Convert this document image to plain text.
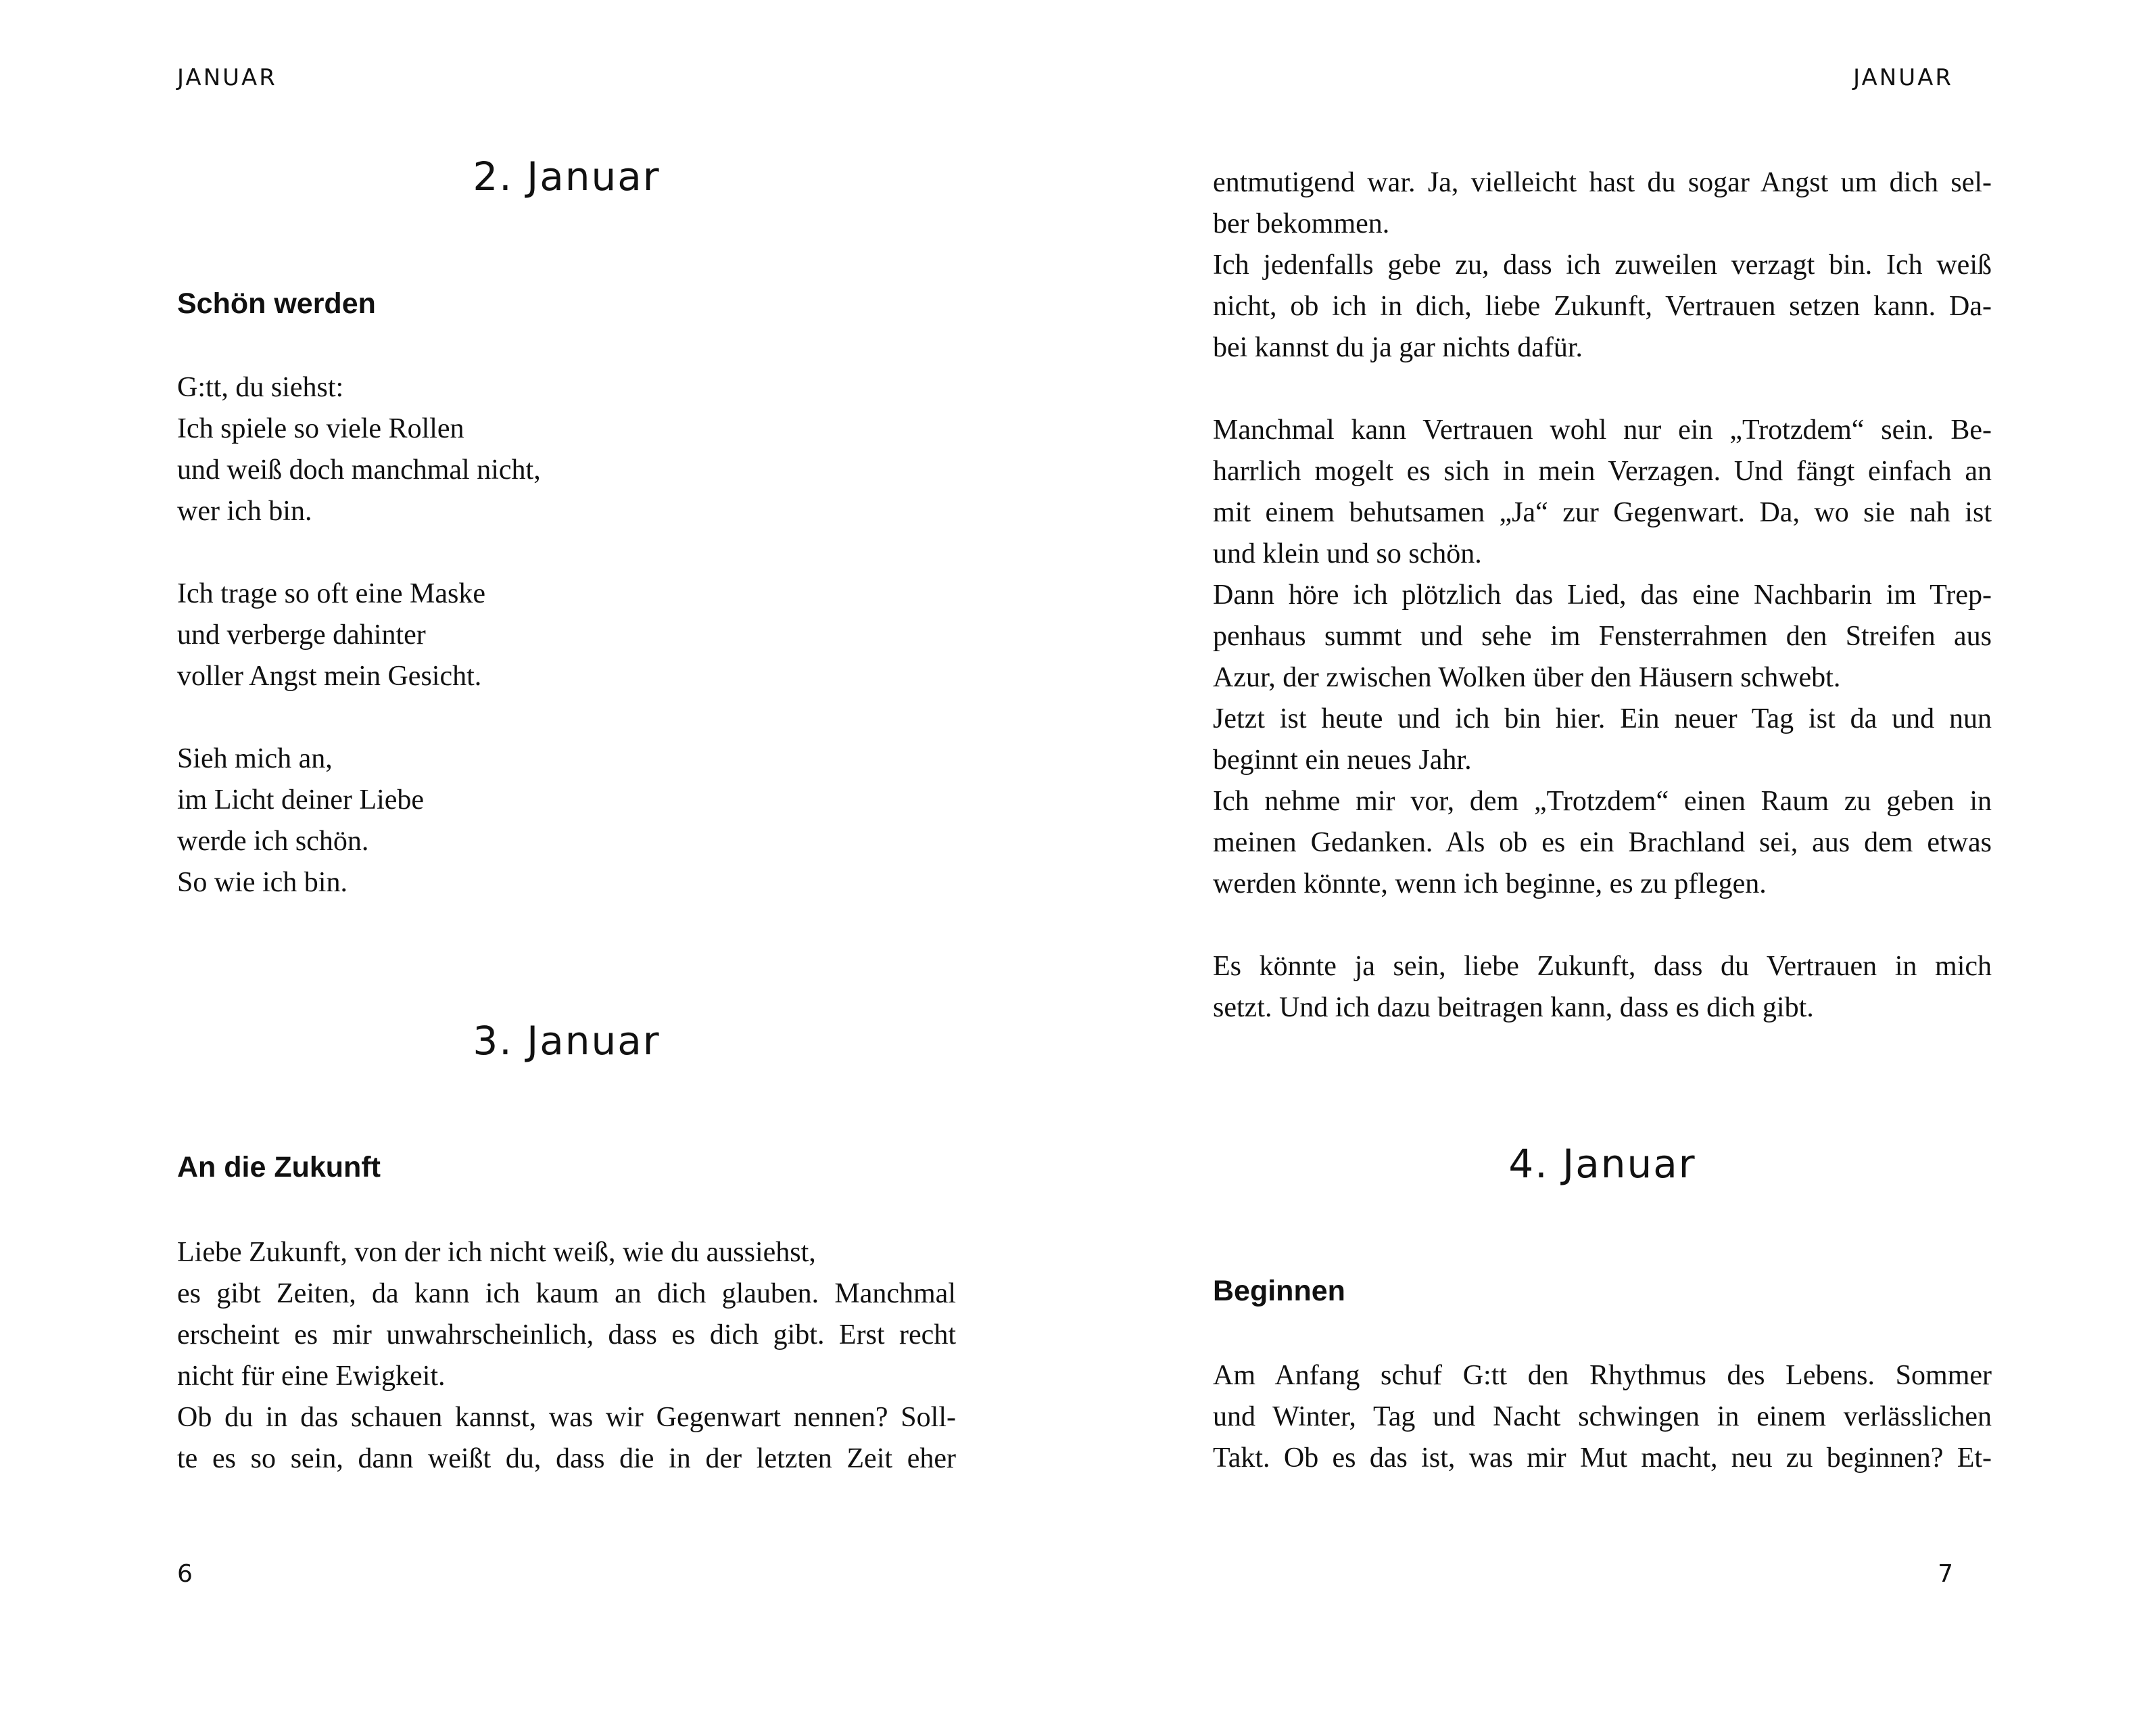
JANUAR
2. Januar
Schön werden
G:tt, du siehst:
Ich spiele so viele Rollen
und weiß doch manchmal nicht,
wer ich bin.
Ich trage so oft eine Maske
und verberge dahinter
voller Angst mein Gesicht.
Sieh mich an,
im Licht deiner Liebe
werde ich schön.
So wie ich bin.
3. Januar
An die Zukunft
Liebe Zukunft, von der ich nicht weiß, wie du aussiehst,
es gibt Zeiten, da kann ich kaum an dich glauben. Manchmal
erscheint es mir unwahrscheinlich, dass es dich gibt. Erst recht
nicht für eine Ewigkeit.
Ob du in das schauen kannst, was wir Gegenwart nennen? Soll-
te es so sein, dann weißt du, dass die in der letzten Zeit eher
6
JANUAR
entmutigend war. Ja, vielleicht hast du sogar Angst um dich sel-
ber bekommen.
Ich jedenfalls gebe zu, dass ich zuweilen verzagt bin. Ich weiß
nicht, ob ich in dich, liebe Zukunft, Vertrauen setzen kann. Da-
bei kannst du ja gar nichts dafür.
Manchmal kann Vertrauen wohl nur ein „Trotzdem“ sein. Be-
harrlich mogelt es sich in mein Verzagen. Und fängt einfach an
mit einem behutsamen „Ja“ zur Gegenwart. Da, wo sie nah ist
und klein und so schön.
Dann höre ich plötzlich das Lied, das eine Nachbarin im Trep-
penhaus summt und sehe im Fensterrahmen den Streifen aus
Azur, der zwischen Wolken über den Häusern schwebt.
Jetzt ist heute und ich bin hier. Ein neuer Tag ist da und nun
beginnt ein neues Jahr.
Ich nehme mir vor, dem „Trotzdem“ einen Raum zu geben in
meinen Gedanken. Als ob es ein Brachland sei, aus dem etwas
werden könnte, wenn ich beginne, es zu pflegen.
Es könnte ja sein, liebe Zukunft, dass du Vertrauen in mich
setzt. Und ich dazu beitragen kann, dass es dich gibt.
4. Januar
Beginnen
Am Anfang schuf G:tt den Rhythmus des Lebens. Sommer
und Winter, Tag und Nacht schwingen in einem verlässlichen
Takt. Ob es das ist, was mir Mut macht, neu zu beginnen? Et-
7
